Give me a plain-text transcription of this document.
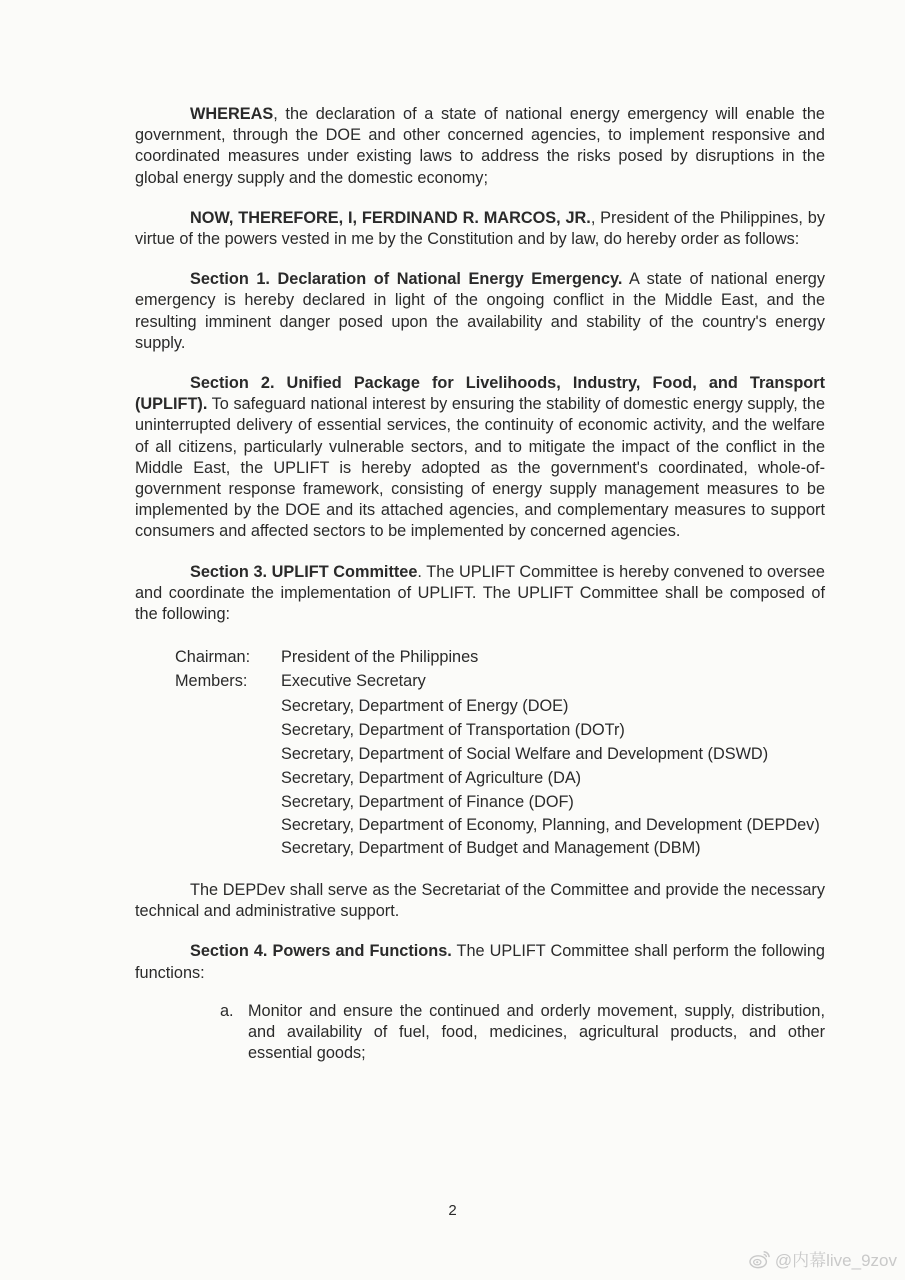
WHEREAS, the declaration of a state of national energy emergency will enable the government, through the DOE and other concerned agencies, to implement responsive and coordinated measures under existing laws to address the risks posed by disruptions in the global energy supply and the domestic economy;

NOW, THEREFORE, I, FERDINAND R. MARCOS, JR., President of the Philippines, by virtue of the powers vested in me by the Constitution and by law, do hereby order as follows:

Section 1. Declaration of National Energy Emergency. A state of national energy emergency is hereby declared in light of the ongoing conflict in the Middle East, and the resulting imminent danger posed upon the availability and stability of the country's energy supply.

Section 2. Unified Package for Livelihoods, Industry, Food, and Transport (UPLIFT). To safeguard national interest by ensuring the stability of domestic energy supply, the uninterrupted delivery of essential services, the continuity of economic activity, and the welfare of all citizens, particularly vulnerable sectors, and to mitigate the impact of the conflict in the Middle East, the UPLIFT is hereby adopted as the government's coordinated, whole-of-government response framework, consisting of energy supply management measures to be implemented by the DOE and its attached agencies, and complementary measures to support consumers and affected sectors to be implemented by concerned agencies.

Section 3. UPLIFT Committee. The UPLIFT Committee is hereby convened to oversee and coordinate the implementation of UPLIFT. The UPLIFT Committee shall be composed of the following:

Chairman:	President of the Philippines
Members:	Executive Secretary
Secretary, Department of Energy (DOE)
Secretary, Department of Transportation (DOTr)
Secretary, Department of Social Welfare and Development (DSWD)
Secretary, Department of Agriculture (DA)
Secretary, Department of Finance (DOF)
Secretary, Department of Economy, Planning, and Development (DEPDev)
Secretary, Department of Budget and Management (DBM)

The DEPDev shall serve as the Secretariat of the Committee and provide the necessary technical and administrative support.

Section 4. Powers and Functions. The UPLIFT Committee shall perform the following functions:

a. Monitor and ensure the continued and orderly movement, supply, distribution, and availability of fuel, food, medicines, agricultural products, and other essential goods;
2
@内幕live_9zov
